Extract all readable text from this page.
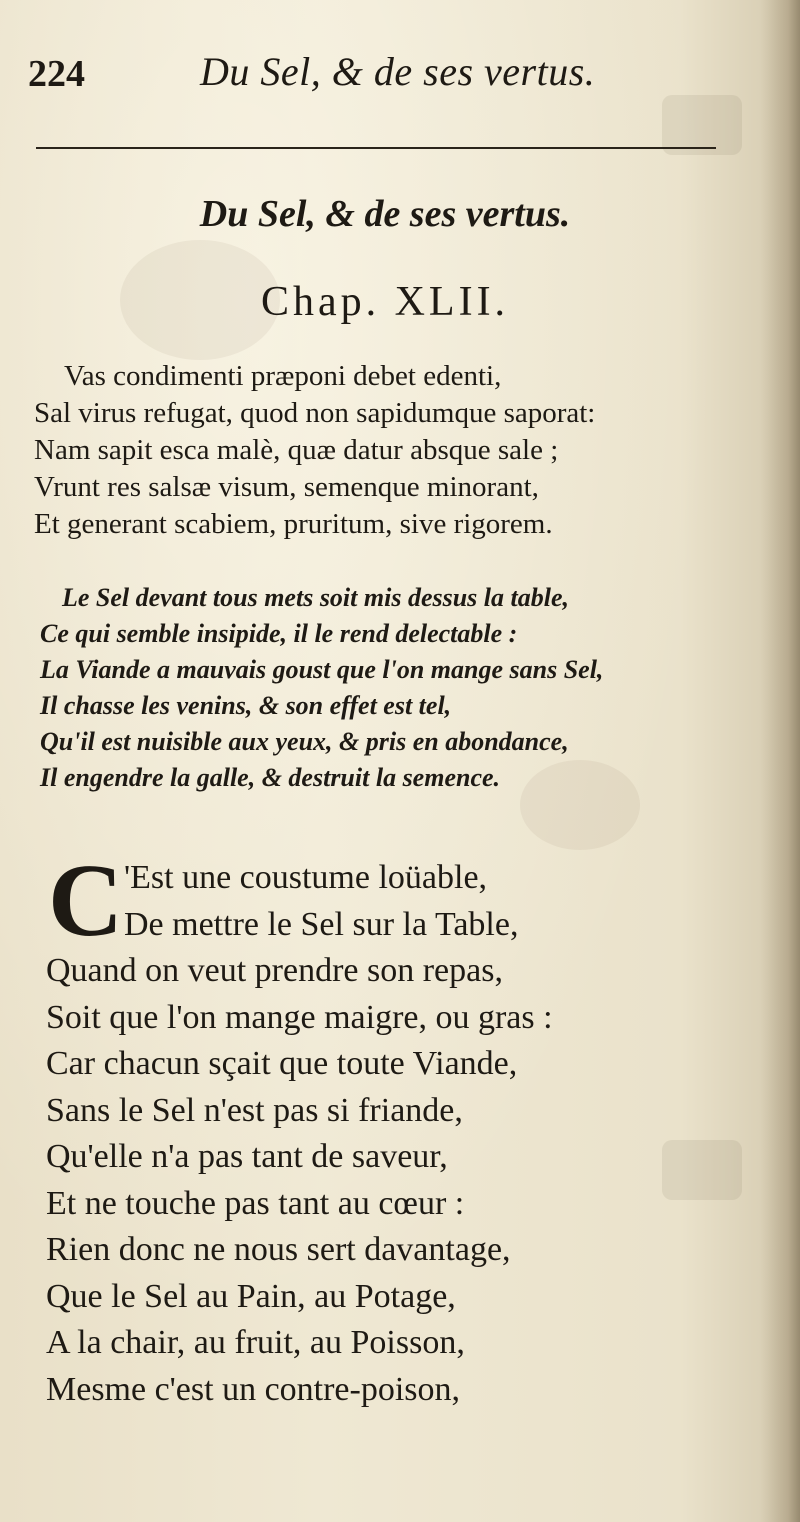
224	Du Sel, & de ses vertus.
Du Sel, & de ses vertus.
Chap. XLII.
Vas condimenti præponi debet edenti,
Sal virus refugat, quod non sapidumque saporat:
Nam sapit esca malè, quæ datur absque sale ;
Vrunt res salsæ visum, semenque minorant,
Et generant scabiem, pruritum, sive rigorem.
Le Sel devant tous mets soit mis dessus la table,
Ce qui semble insipide, il le rend delectable :
La Viande a mauvais goust que l'on mange sans Sel,
Il chasse les venins, & son effet est tel,
Qu'il est nuisible aux yeux, & pris en abondance,
Il engendre la galle, & destruit la semence.
C 'Est une coustume loüable,
De mettre le Sel sur la Table,
Quand on veut prendre son repas,
Soit que l'on mange maigre, ou gras :
Car chacun sçait que toute Viande,
Sans le Sel n'est pas si friande,
Qu'elle n'a pas tant de saveur,
Et ne touche pas tant au cœur :
Rien donc ne nous sert davantage,
Que le Sel au Pain, au Potage,
A la chair, au fruit, au Poisson,
Mesme c'est un contre-poison,
